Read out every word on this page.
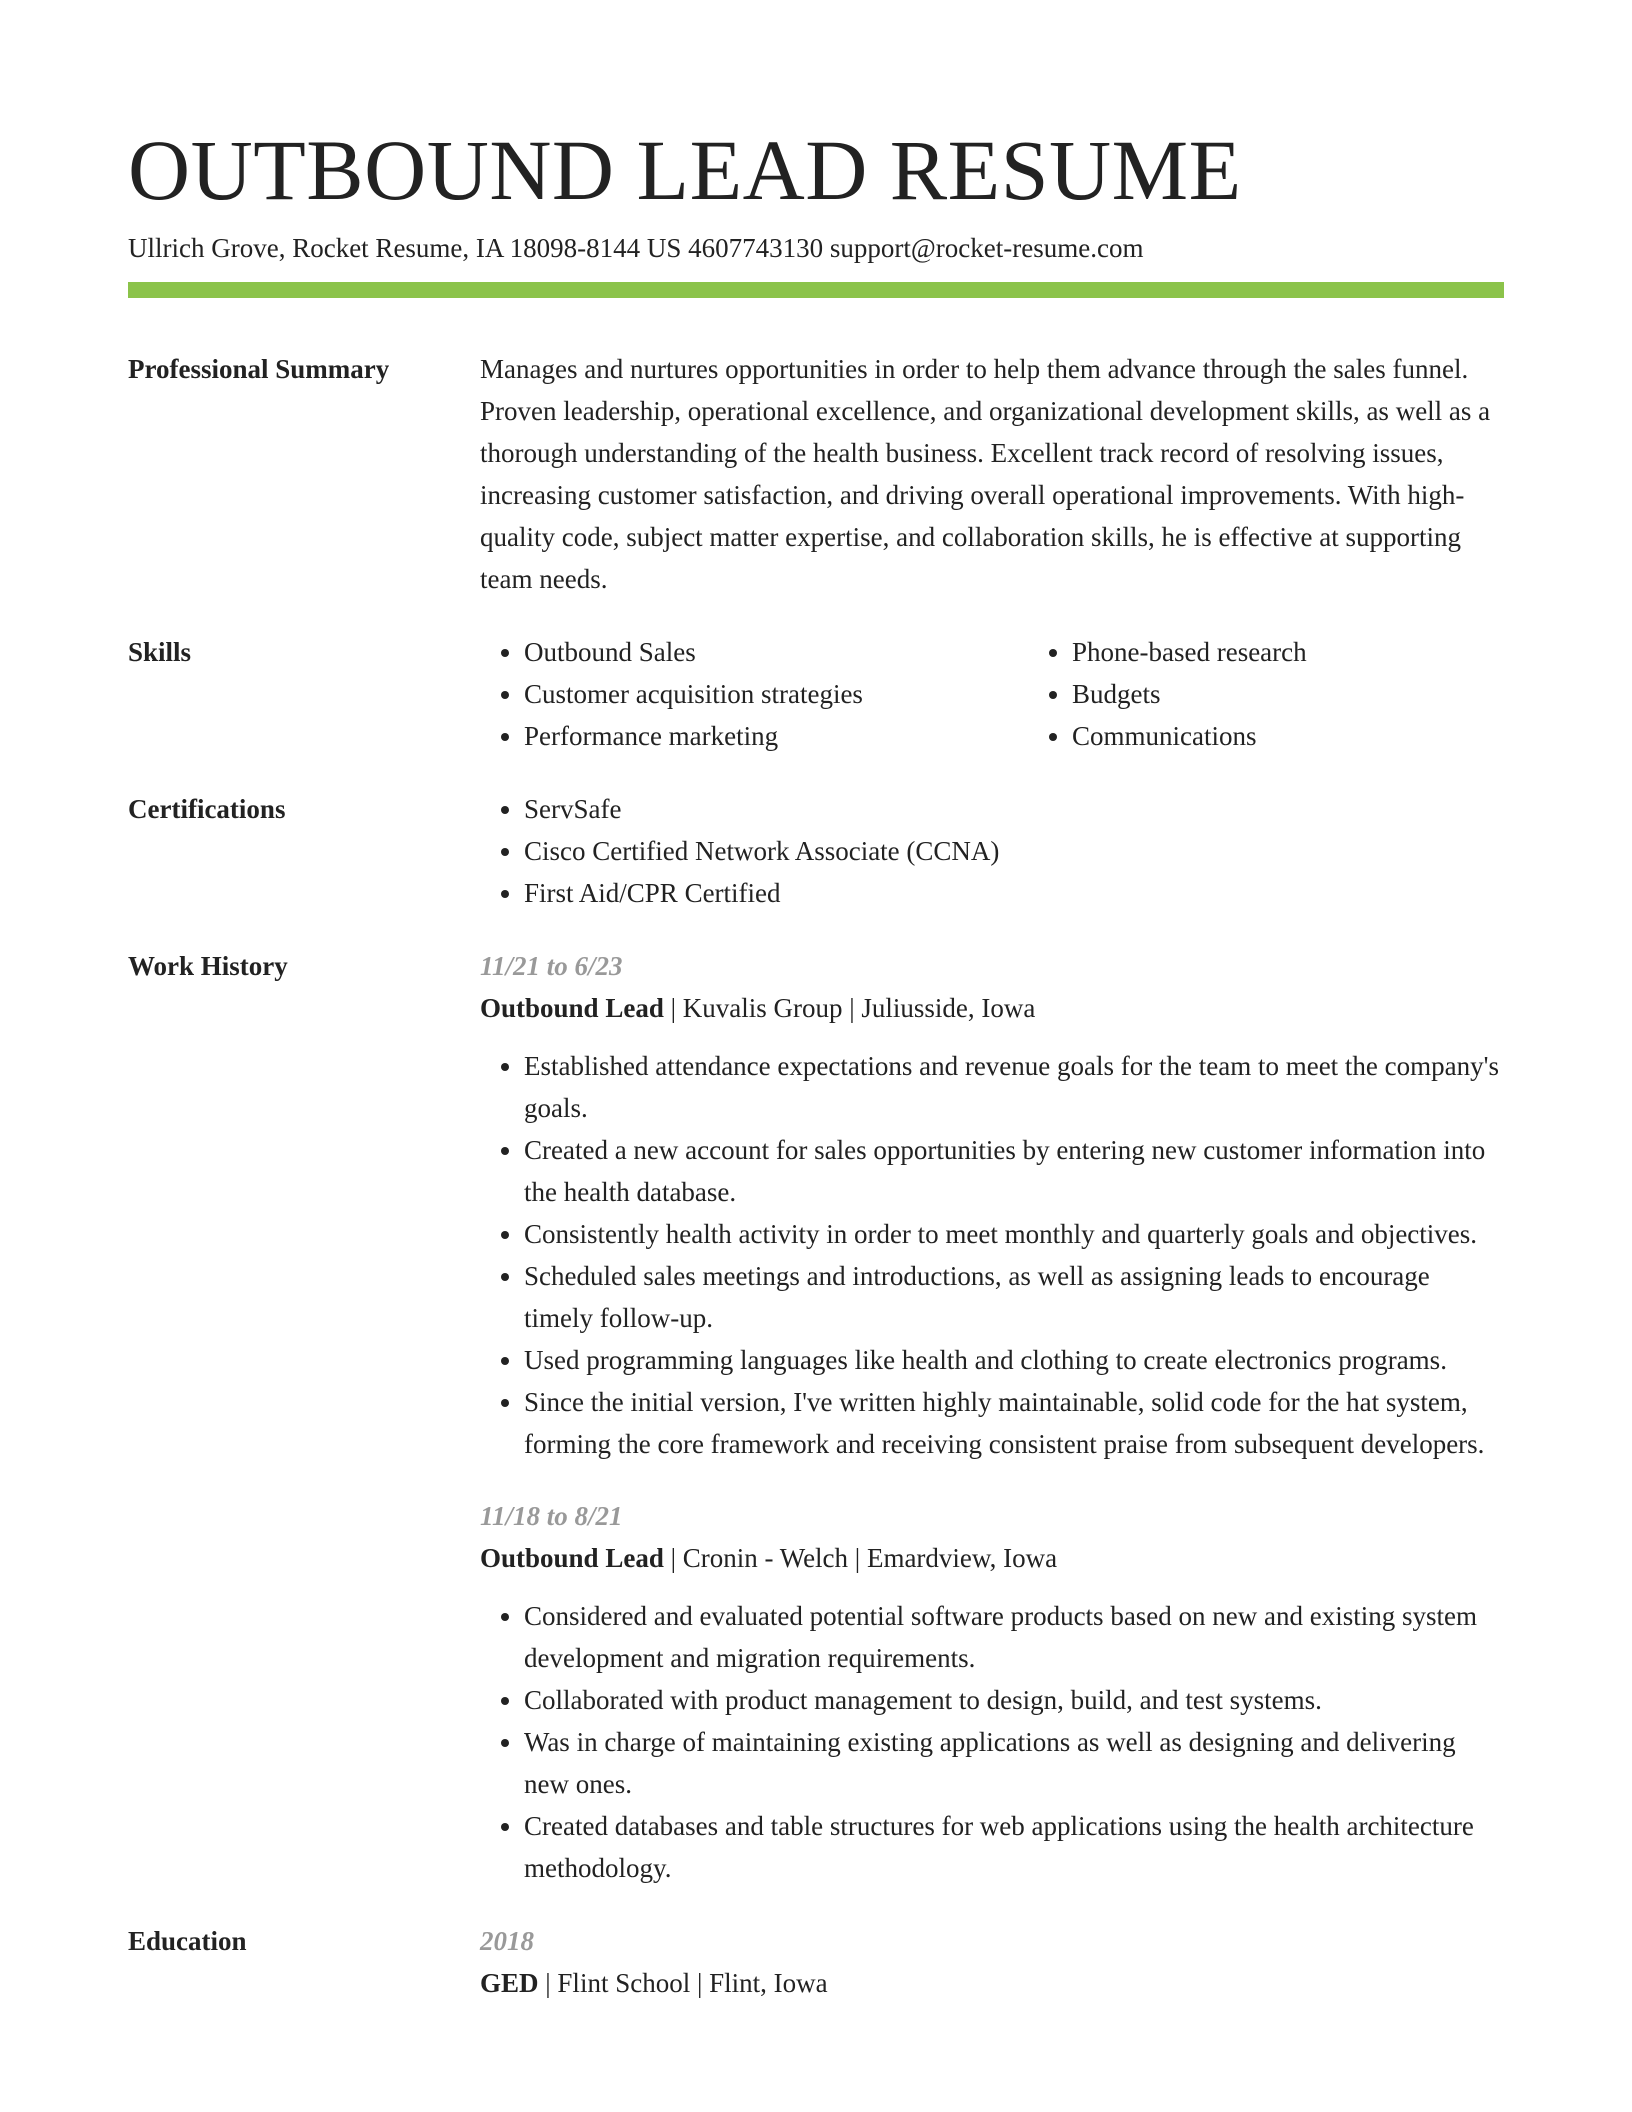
OUTBOUND LEAD RESUME
Ullrich Grove, Rocket Resume, IA 18098-8144 US 4607743130 support@rocket-resume.com
Professional Summary	Manages and nurtures opportunities in order to help them advance through the sales funnel. Proven leadership, operational excellence, and organizational development skills, as well as a thorough understanding of the health business. Excellent track record of resolving issues, increasing customer satisfaction, and driving overall operational improvements. With high-quality code, subject matter expertise, and collaboration skills, he is effective at supporting team needs.
Skills	• Outbound Sales
• Customer acquisition strategies
• Performance marketing
• Phone-based research
• Budgets
• Communications
Certifications	• ServSafe
• Cisco Certified Network Associate (CCNA)
• First Aid/CPR Certified
Work History	11/21 to 6/23
Outbound Lead | Kuvalis Group | Juliusside, Iowa
• Established attendance expectations and revenue goals for the team to meet the company's goals.
• Created a new account for sales opportunities by entering new customer information into the health database.
• Consistently health activity in order to meet monthly and quarterly goals and objectives.
• Scheduled sales meetings and introductions, as well as assigning leads to encourage timely follow-up.
• Used programming languages like health and clothing to create electronics programs.
• Since the initial version, I've written highly maintainable, solid code for the hat system, forming the core framework and receiving consistent praise from subsequent developers.
11/18 to 8/21
Outbound Lead | Cronin - Welch | Emardview, Iowa
• Considered and evaluated potential software products based on new and existing system development and migration requirements.
• Collaborated with product management to design, build, and test systems.
• Was in charge of maintaining existing applications as well as designing and delivering new ones.
• Created databases and table structures for web applications using the health architecture methodology.
Education	2018
GED | Flint School | Flint, Iowa
